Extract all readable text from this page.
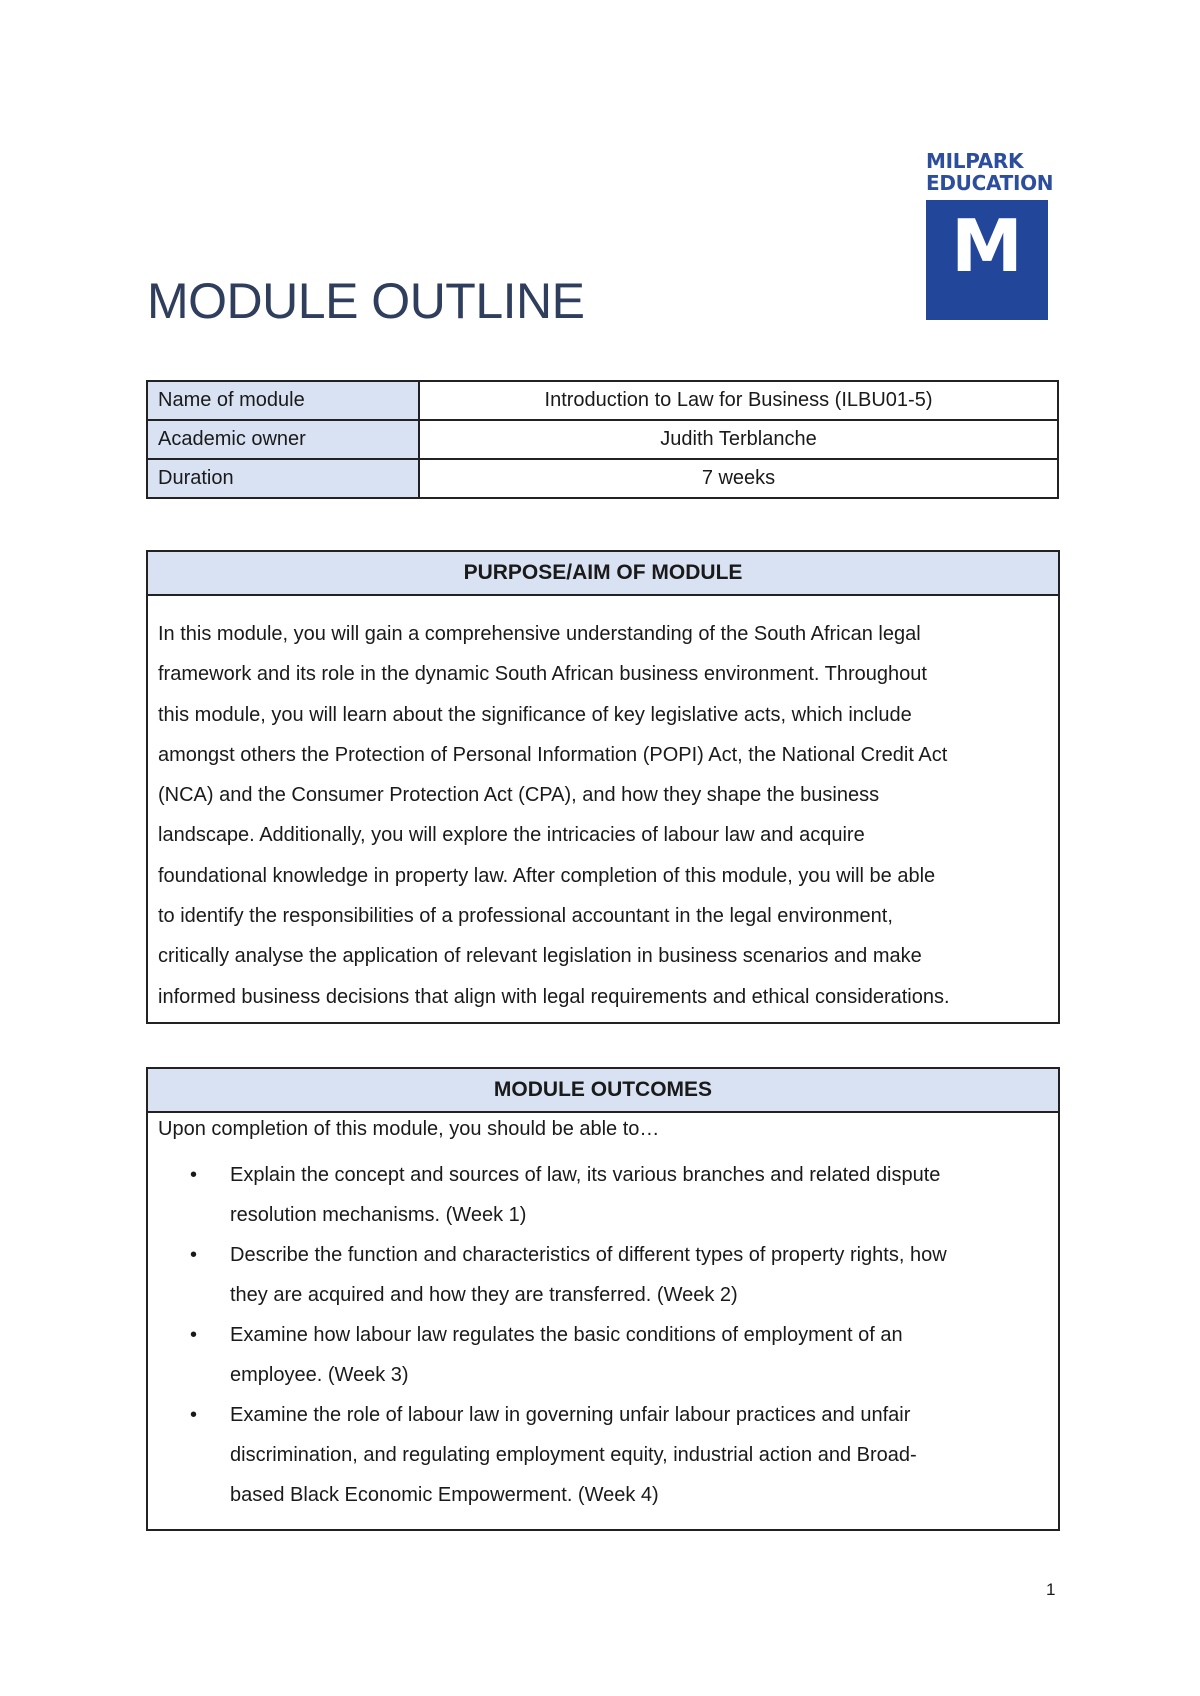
MILPARK
EDUCATION
M
MODULE OUTLINE
Name of module	Introduction to Law for Business (ILBU01-5)
Academic owner	Judith Terblanche
Duration	7 weeks
PURPOSE/AIM OF MODULE
In this module, you will gain a comprehensive understanding of the South African legal
framework and its role in the dynamic South African business environment. Throughout
this module, you will learn about the significance of key legislative acts, which include
amongst others the Protection of Personal Information (POPI) Act, the National Credit Act
(NCA) and the Consumer Protection Act (CPA), and how they shape the business
landscape. Additionally, you will explore the intricacies of labour law and acquire
foundational knowledge in property law. After completion of this module, you will be able
to identify the responsibilities of a professional accountant in the legal environment,
critically analyse the application of relevant legislation in business scenarios and make
informed business decisions that align with legal requirements and ethical considerations.
MODULE OUTCOMES
Upon completion of this module, you should be able to…
• Explain the concept and sources of law, its various branches and related dispute
resolution mechanisms. (Week 1)
• Describe the function and characteristics of different types of property rights, how
they are acquired and how they are transferred. (Week 2)
• Examine how labour law regulates the basic conditions of employment of an
employee. (Week 3)
• Examine the role of labour law in governing unfair labour practices and unfair
discrimination, and regulating employment equity, industrial action and Broad-
based Black Economic Empowerment. (Week 4)
1
